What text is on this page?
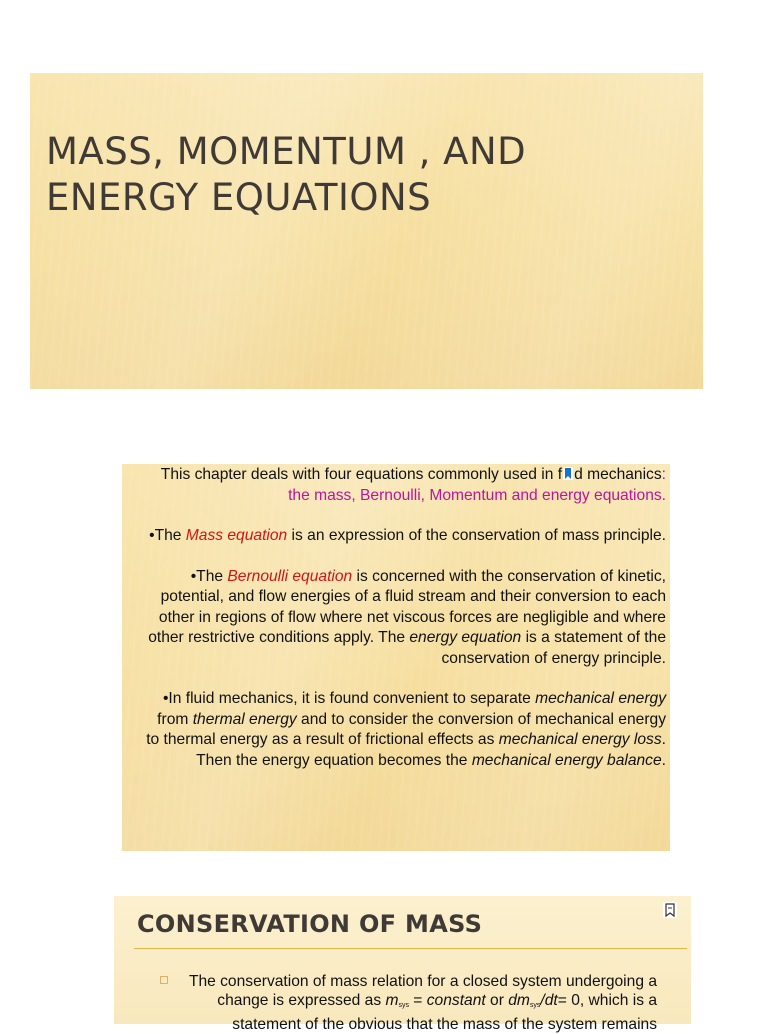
MASS, MOMENTUM , AND
ENERGY EQUATIONS

This chapter deals with four equations commonly used in f d mechanics: the mass, Bernoulli, Momentum and energy equations.

•The Mass equation is an expression of the conservation of mass principle.

•The Bernoulli equation is concerned with the conservation of kinetic, potential, and flow energies of a fluid stream and their conversion to each other in regions of flow where net viscous forces are negligible and where other restrictive conditions apply. The energy equation is a statement of the conservation of energy principle.

•In fluid mechanics, it is found convenient to separate mechanical energy from thermal energy and to consider the conversion of mechanical energy to thermal energy as a result of frictional effects as mechanical energy loss. Then the energy equation becomes the mechanical energy balance.

CONSERVATION OF MASS
The conservation of mass relation for a closed system undergoing a change is expressed as $m_{sys}$ = constant or $dm_{sys}/dt= 0$, which is a statement of the obvious that the mass of the system remains
